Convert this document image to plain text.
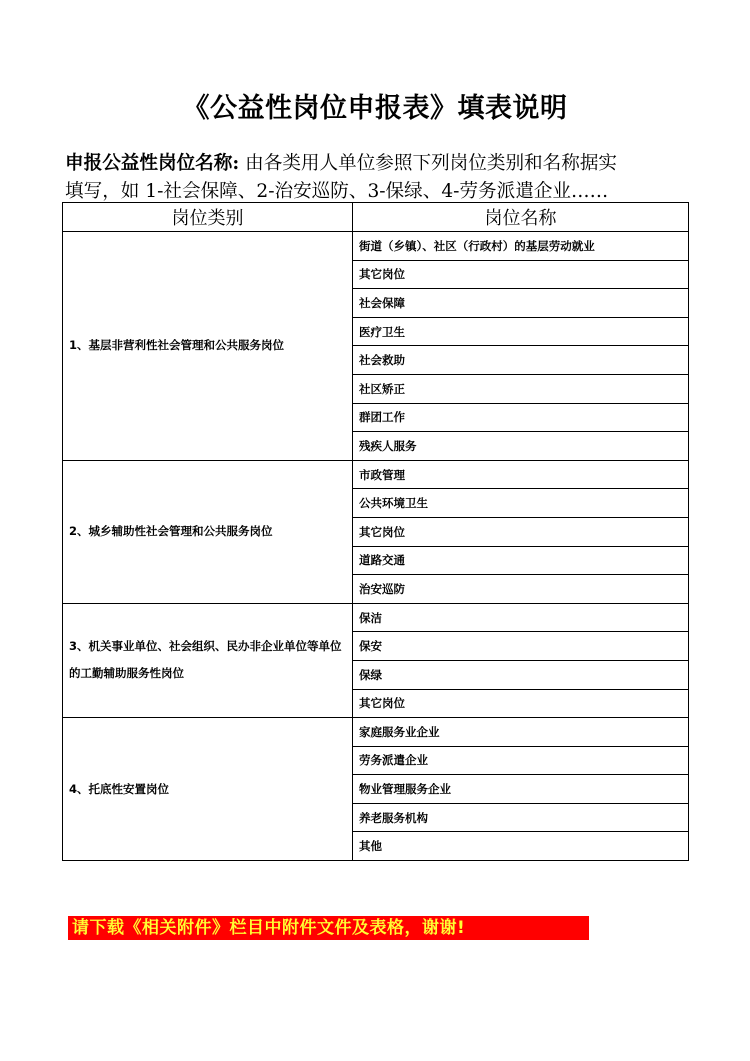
《公益性岗位申报表》填表说明
申报公益性岗位名称: 由各类用人单位参照下列岗位类别和名称据实
填写，如 1-社会保障、2-治安巡防、3-保绿、4-劳务派遣企业……
岗位类别	岗位名称
1、基层非营利性社会管理和公共服务岗位	街道（乡镇）、社区（行政村）的基层劳动就业
	其它岗位
	社会保障
	医疗卫生
	社会救助
	社区矫正
	群团工作
	残疾人服务
2、城乡辅助性社会管理和公共服务岗位	市政管理
	公共环境卫生
	其它岗位
	道路交通
	治安巡防
3、机关事业单位、社会组织、民办非企业单位等单位的工勤辅助服务性岗位	保洁
	保安
	保绿
	其它岗位
4、托底性安置岗位	家庭服务业企业
	劳务派遣企业
	物业管理服务企业
	养老服务机构
	其他
请下载《相关附件》栏目中附件文件及表格，谢谢!
